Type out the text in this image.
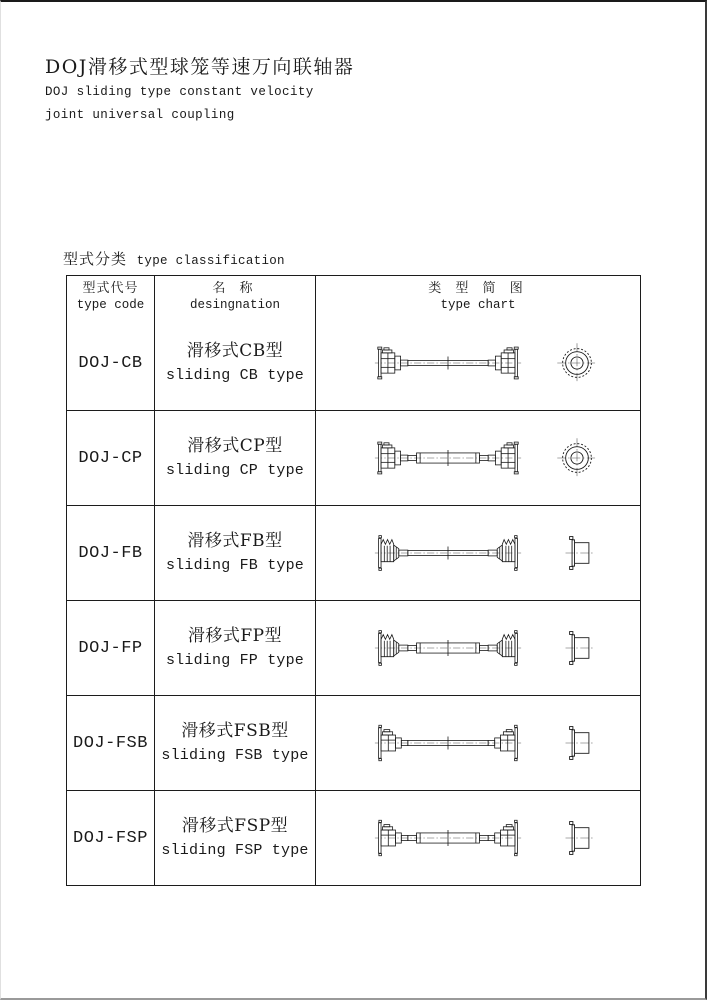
DOJ滑移式型球笼等速万向联轴器
DOJ sliding type constant velocity
joint universal coupling
型式分类 type classification
型式代号
type code
名 称
desingnation
类 型 简 图
type chart
DOJ-CB
滑移式CB型
sliding CB type
DOJ-CP
滑移式CP型
sliding CP type
DOJ-FB
滑移式FB型
sliding FB type
DOJ-FP
滑移式FP型
sliding FP type
DOJ-FSB
滑移式FSB型
sliding FSB type
DOJ-FSP
滑移式FSP型
sliding FSP type
